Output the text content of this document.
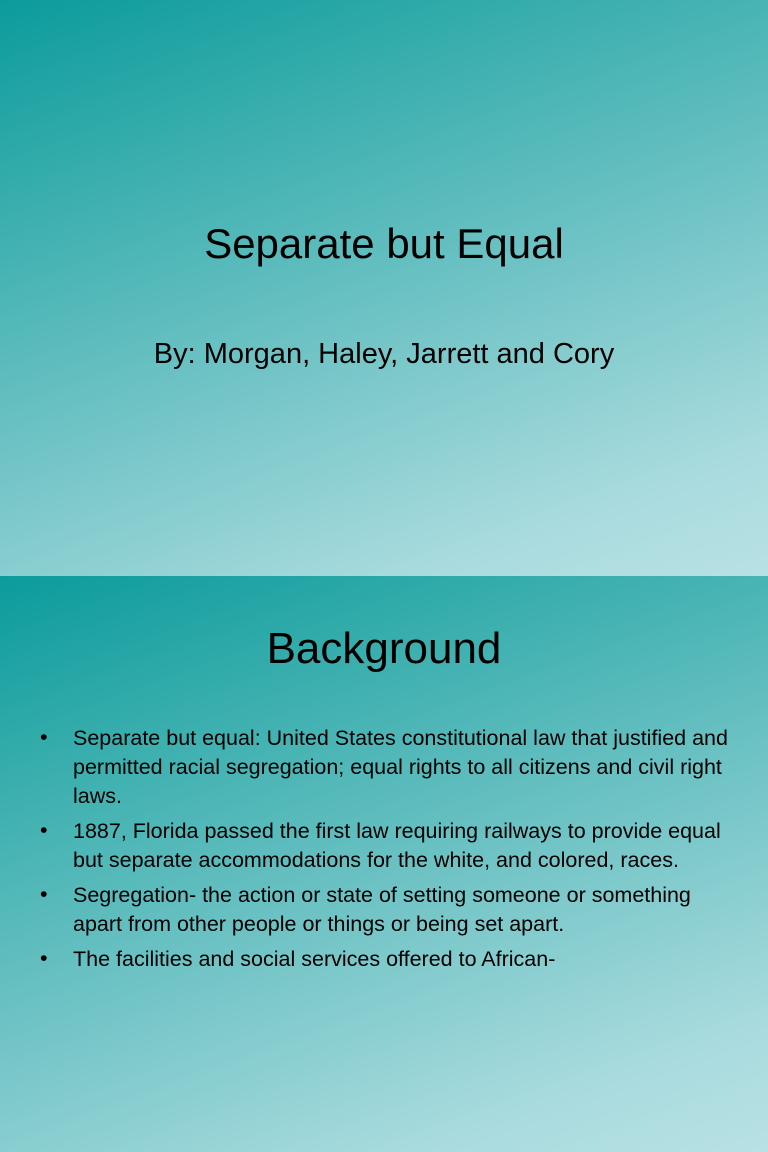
Separate but Equal
By: Morgan, Haley, Jarrett and Cory
Background
• Separate but equal: United States constitutional law that justified and permitted racial segregation; equal rights to all citizens and civil right laws.
• 1887, Florida passed the first law requiring railways to provide equal but separate accommodations for the white, and colored, races.
• Segregation- the action or state of setting someone or something apart from other people or things or being set apart.
• The facilities and social services offered to African-
